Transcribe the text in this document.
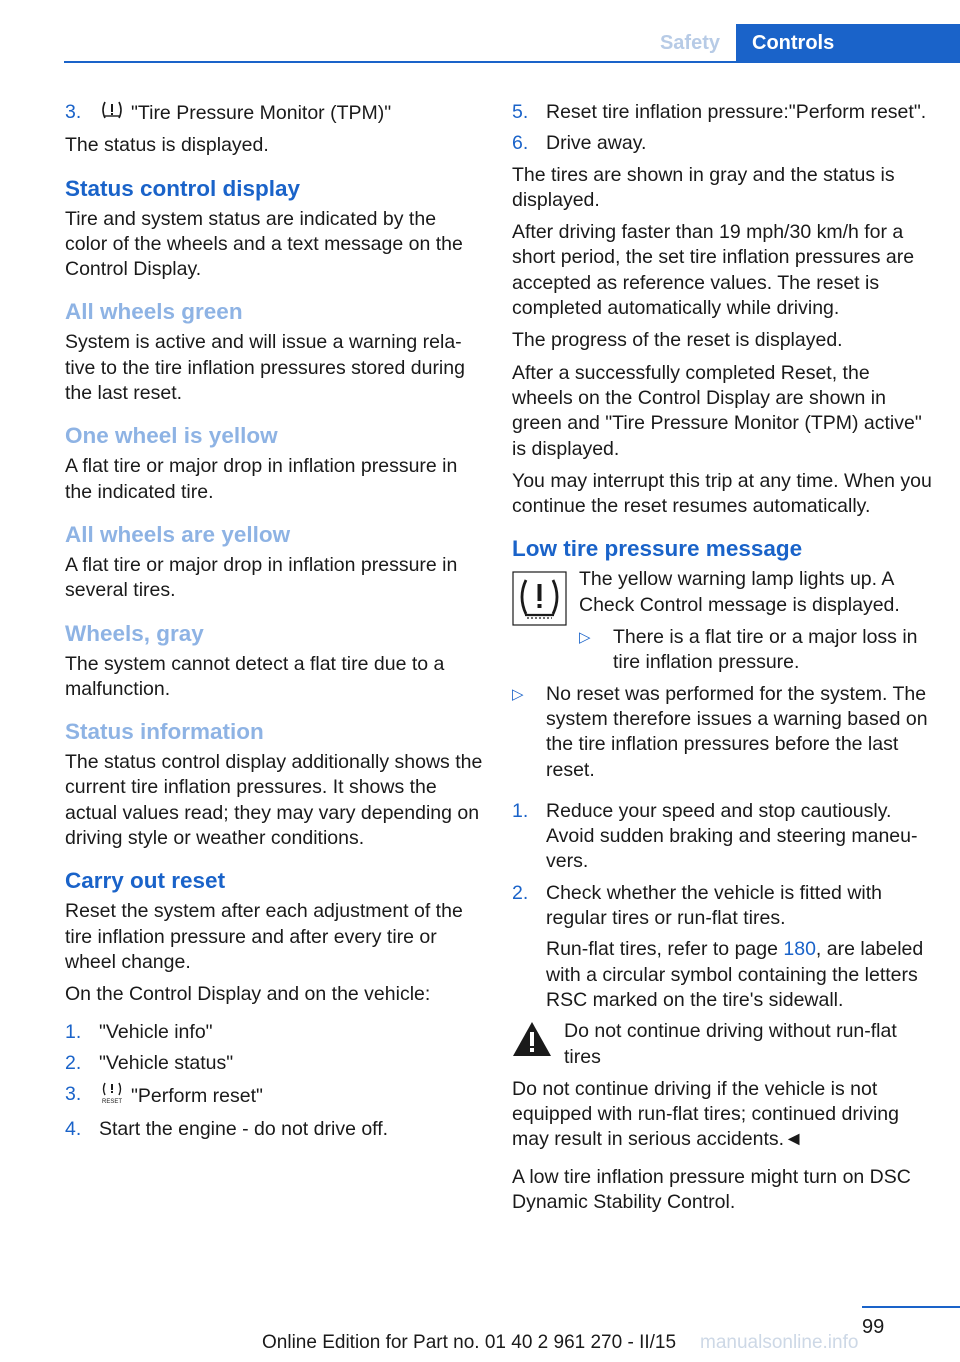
Safety	Controls
3.	"Tire Pressure Monitor (TPM)"

The status is displayed.

Status control display

Tire and system status are indicated by the color of the wheels and a text message on the Control Display.

All wheels green

System is active and will issue a warning relative to the tire inflation pressures stored during the last reset.

One wheel is yellow

A flat tire or major drop in inflation pressure in the indicated tire.

All wheels are yellow

A flat tire or major drop in inflation pressure in several tires.

Wheels, gray

The system cannot detect a flat tire due to a malfunction.

Status information

The status control display additionally shows the current tire inflation pressures. It shows the actual values read; they may vary depending on driving style or weather conditions.

Carry out reset

Reset the system after each adjustment of the tire inflation pressure and after every tire or wheel change.

On the Control Display and on the vehicle:

1. "Vehicle info"
2. "Vehicle status"
3.	RESET "Perform reset"
4. Start the engine - do not drive off.
5. Reset tire inflation pressure:"Perform reset".
6. Drive away.

The tires are shown in gray and the status is displayed.

After driving faster than 19 mph/30 km/h for a short period, the set tire inflation pressures are accepted as reference values. The reset is completed automatically while driving.

The progress of the reset is displayed.

After a successfully completed Reset, the wheels on the Control Display are shown in green and "Tire Pressure Monitor (TPM) active" is displayed.

You may interrupt this trip at any time. When you continue the reset resumes automatically.

Low tire pressure message

The yellow warning lamp lights up. A Check Control message is displayed.

▷ There is a flat tire or a major loss in tire inflation pressure.
▷ No reset was performed for the system. The system therefore issues a warning based on the tire inflation pressures before the last reset.
1. Reduce your speed and stop cautiously. Avoid sudden braking and steering maneuvers.
2. Check whether the vehicle is fitted with regular tires or run-flat tires.

Run-flat tires, refer to page 180, are labeled with a circular symbol containing the letters RSC marked on the tire's sidewall.

Do not continue driving without run-flat tires

Do not continue driving if the vehicle is not equipped with run-flat tires; continued driving may result in serious accidents.◄

A low tire inflation pressure might turn on DSC Dynamic Stability Control.

99
Online Edition for Part no. 01 40 2 961 270 - II/15 manualsonline.info
